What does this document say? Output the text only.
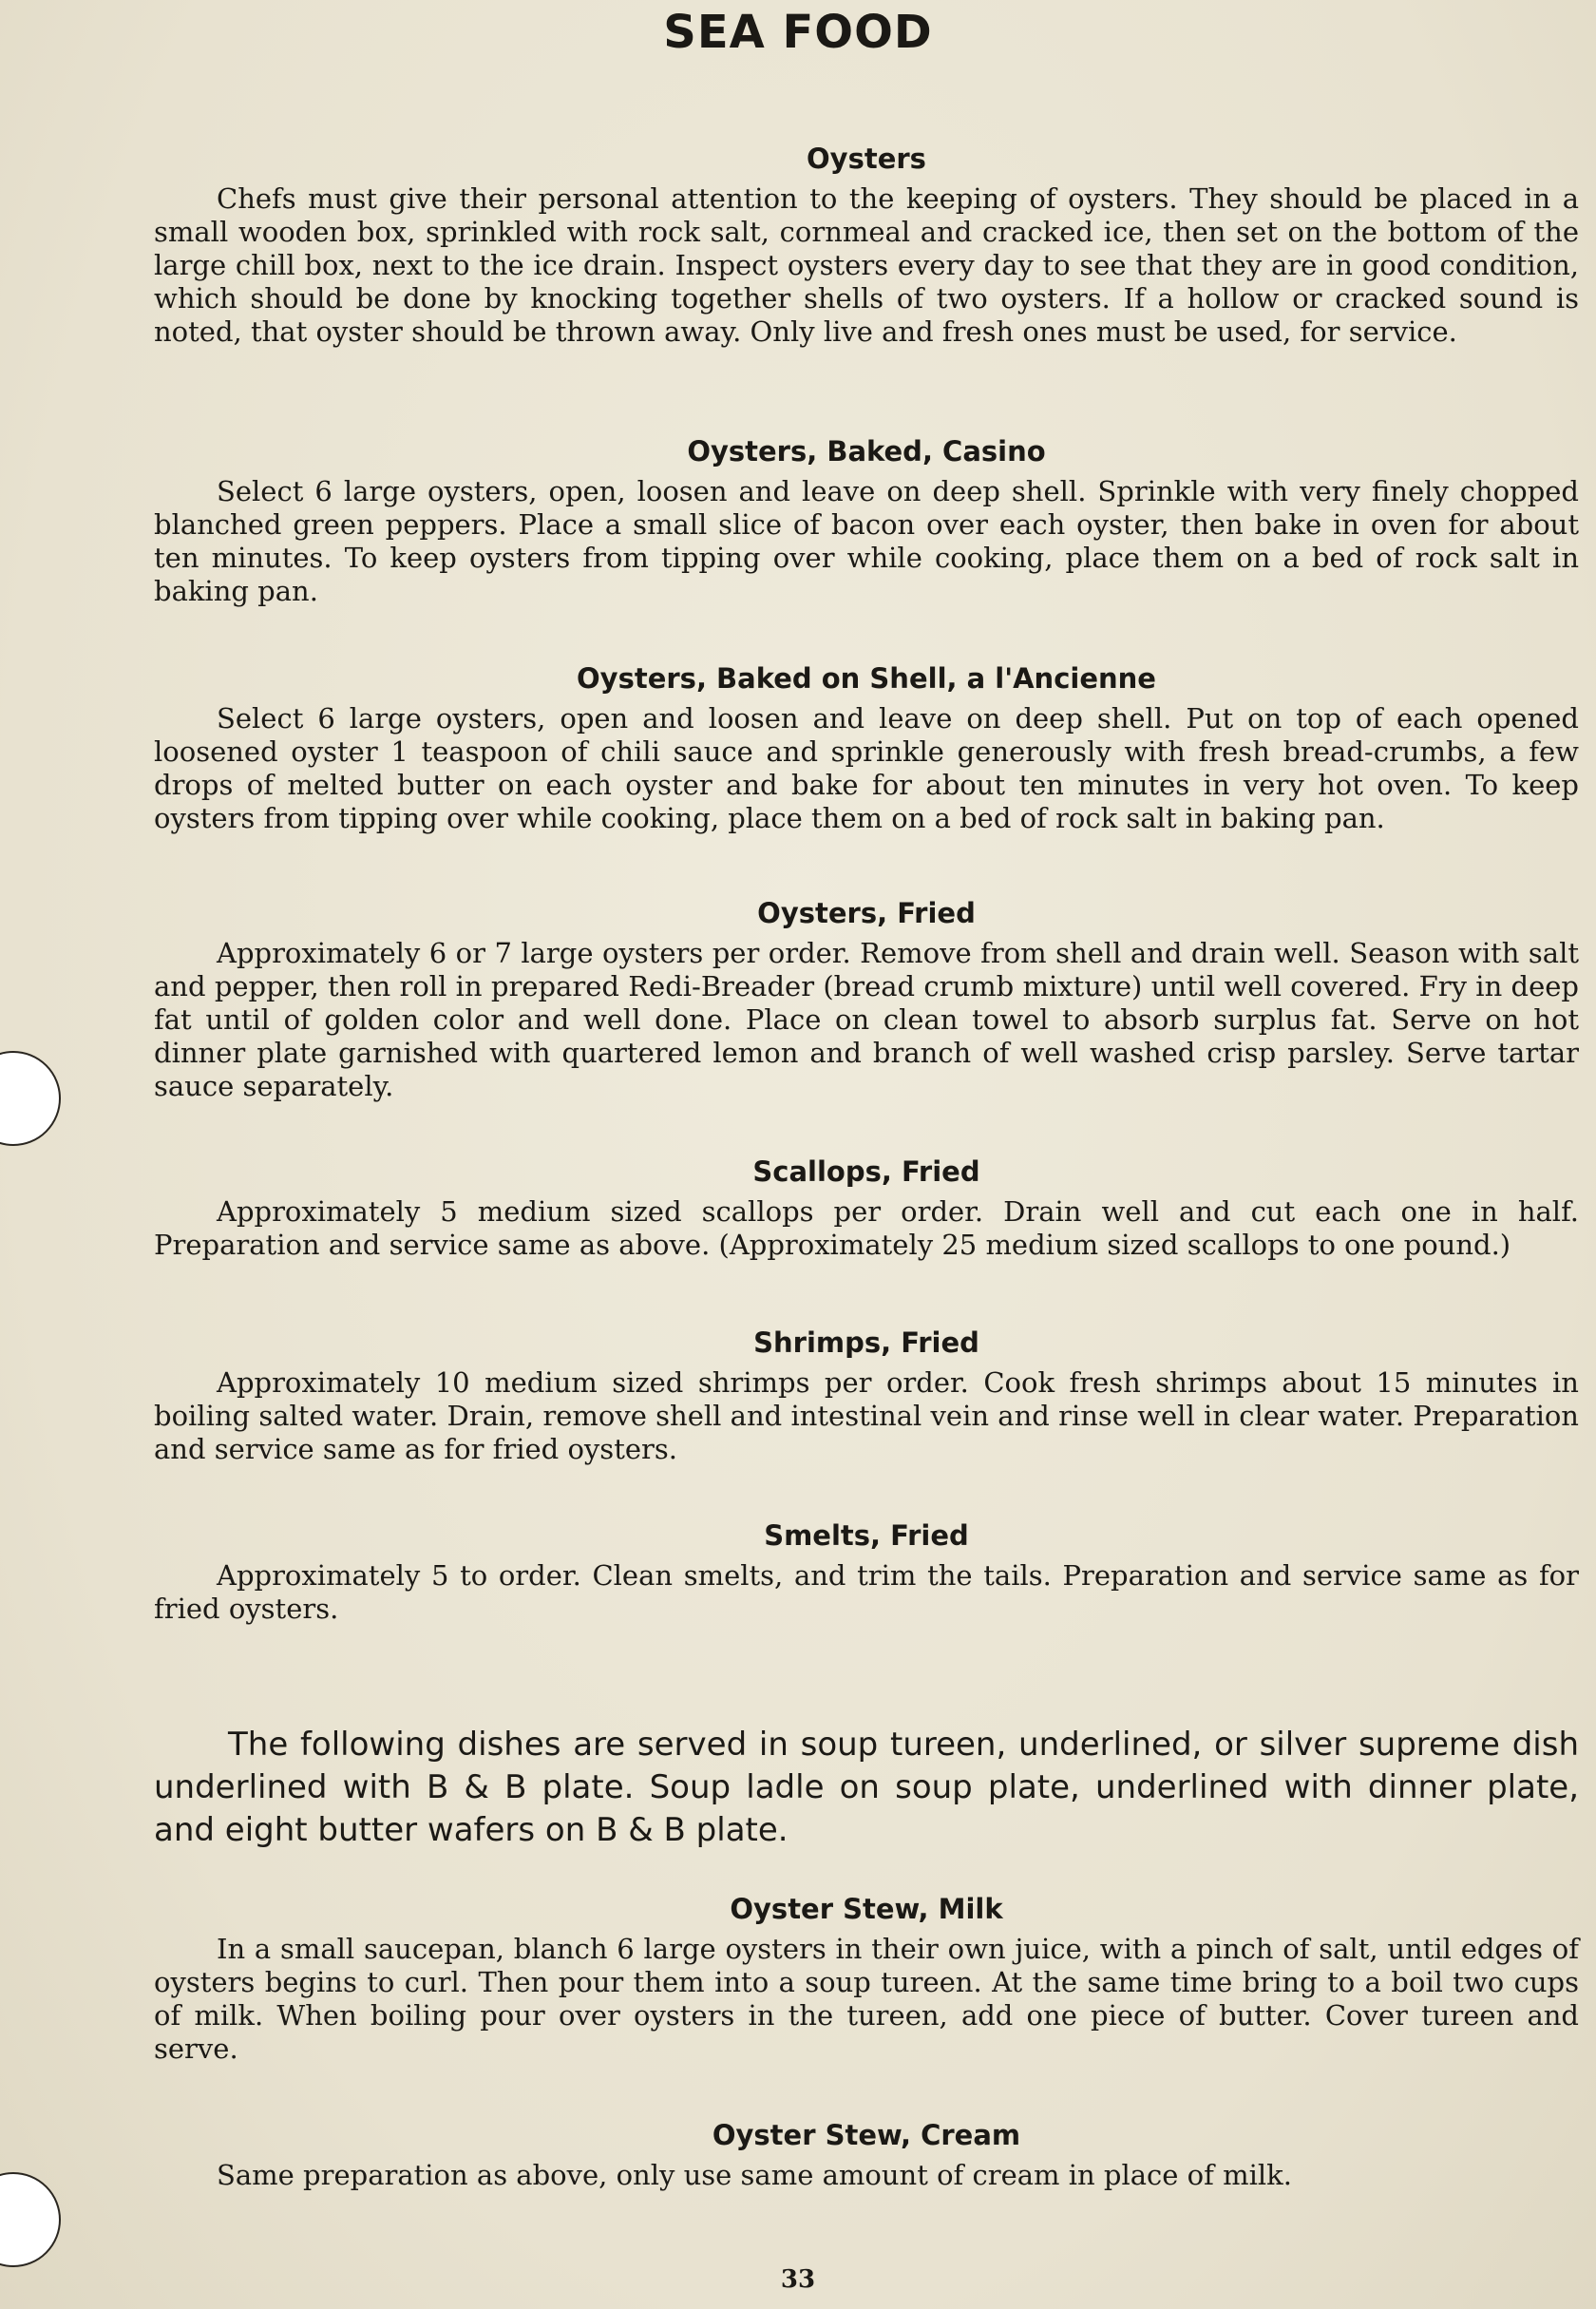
SEA FOOD
Oysters

Chefs must give their personal attention to the keeping of oysters. They should be placed in a small wooden box, sprinkled with rock salt, cornmeal and cracked ice, then set on the bottom of the large chill box, next to the ice drain. Inspect oysters every day to see that they are in good condition, which should be done by knocking together shells of two oysters. If a hollow or cracked sound is noted, that oyster should be thrown away. Only live and fresh ones must be used, for service.

Oysters, Baked, Casino

Select 6 large oysters, open, loosen and leave on deep shell. Sprinkle with very finely chopped blanched green peppers. Place a small slice of bacon over each oyster, then bake in oven for about ten minutes. To keep oysters from tipping over while cooking, place them on a bed of rock salt in baking pan.

Oysters, Baked on Shell, a l'Ancienne

Select 6 large oysters, open and loosen and leave on deep shell. Put on top of each opened loosened oyster 1 teaspoon of chili sauce and sprinkle generously with fresh bread-crumbs, a few drops of melted butter on each oyster and bake for about ten minutes in very hot oven. To keep oysters from tipping over while cooking, place them on a bed of rock salt in baking pan.

Oysters, Fried

Approximately 6 or 7 large oysters per order. Remove from shell and drain well. Season with salt and pepper, then roll in prepared Redi-Breader (bread crumb mixture) until well covered. Fry in deep fat until of golden color and well done. Place on clean towel to absorb surplus fat. Serve on hot dinner plate garnished with quartered lemon and branch of well washed crisp parsley. Serve tartar sauce separately.

Scallops, Fried

Approximately 5 medium sized scallops per order. Drain well and cut each one in half. Preparation and service same as above. (Approximately 25 medium sized scallops to one pound.)

Shrimps, Fried

Approximately 10 medium sized shrimps per order. Cook fresh shrimps about 15 minutes in boiling salted water. Drain, remove shell and intestinal vein and rinse well in clear water. Preparation and service same as for fried oysters.

Smelts, Fried

Approximately 5 to order. Clean smelts, and trim the tails. Preparation and service same as for fried oysters.

The following dishes are served in soup tureen, underlined, or silver supreme dish underlined with B & B plate. Soup ladle on soup plate, underlined with dinner plate, and eight butter wafers on B & B plate.

Oyster Stew, Milk

In a small saucepan, blanch 6 large oysters in their own juice, with a pinch of salt, until edges of oysters begins to curl. Then pour them into a soup tureen. At the same time bring to a boil two cups of milk. When boiling pour over oysters in the tureen, add one piece of butter. Cover tureen and serve.

Oyster Stew, Cream

Same preparation as above, only use same amount of cream in place of milk.

33
